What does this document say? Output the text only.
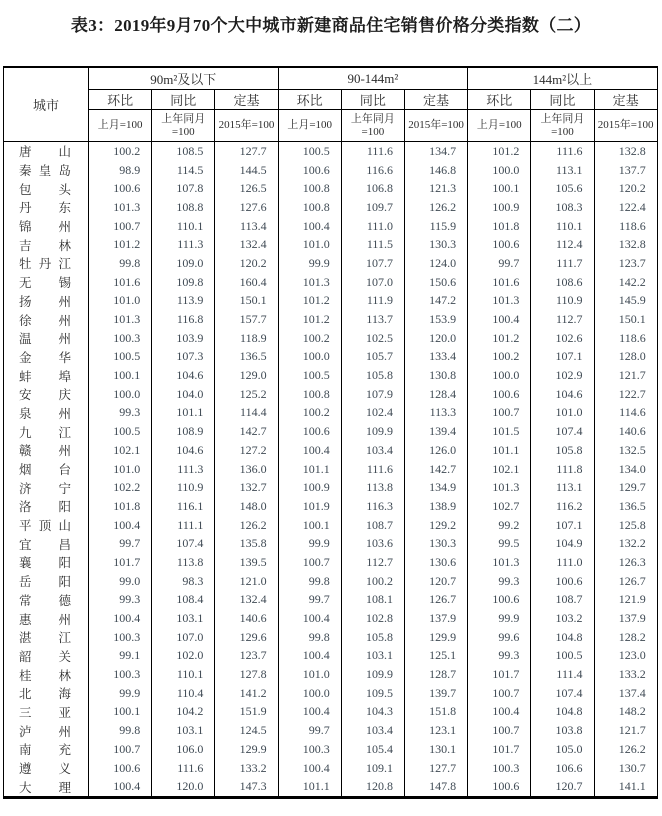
表3：2019年9月70个大中城市新建商品住宅销售价格分类指数（二）
城市	90m²及以下			90-144m²			144m²以上		
	环比	同比	定基	环比	同比	定基	环比	同比	定基

	上月=100	上年同月
=100	2015年=100	上月=100	上年同月
=100	2015年=100	上月=100	上年同月
=100	2015年=100

唐山	100.2	108.5	127.7	100.5	111.6	134.7	101.2	111.6	132.8

秦皇岛	98.9	114.5	144.5	100.6	116.6	146.8	100.0	113.1	137.7

包头	100.6	107.8	126.5	100.8	106.8	121.3	100.1	105.6	120.2

丹东	101.3	108.8	127.6	100.8	109.7	126.2	100.9	108.3	122.4

锦州	100.7	110.1	113.4	100.4	111.0	115.9	101.8	110.1	118.6

吉林	101.2	111.3	132.4	101.0	111.5	130.3	100.6	112.4	132.8

牡丹江	99.8	109.0	120.2	99.9	107.7	124.0	99.7	111.7	123.7

无锡	101.6	109.8	160.4	101.3	107.0	150.6	101.6	108.6	142.2

扬州	101.0	113.9	150.1	101.2	111.9	147.2	101.3	110.9	145.9

徐州	101.3	116.8	157.7	101.2	113.7	153.9	100.4	112.7	150.1

温州	100.3	103.9	118.9	100.2	102.5	120.0	101.2	102.6	118.6

金华	100.5	107.3	136.5	100.0	105.7	133.4	100.2	107.1	128.0

蚌埠	100.1	104.6	129.0	100.5	105.8	130.8	100.0	102.9	121.7

安庆	100.0	104.0	125.2	100.8	107.9	128.4	100.6	104.6	122.7

泉州	99.3	101.1	114.4	100.2	102.4	113.3	100.7	101.0	114.6

九江	100.5	108.9	142.7	100.6	109.9	139.4	101.5	107.4	140.6

赣州	102.1	104.6	127.2	100.4	103.4	126.0	101.1	105.8	132.5

烟台	101.0	111.3	136.0	101.1	111.6	142.7	102.1	111.8	134.0

济宁	102.2	110.9	132.7	100.9	113.8	134.9	101.3	113.1	129.7

洛阳	101.8	116.1	148.0	101.9	116.3	138.9	102.7	116.2	136.5

平顶山	100.4	111.1	126.2	100.1	108.7	129.2	99.2	107.1	125.8

宜昌	99.7	107.4	135.8	99.9	103.6	130.3	99.5	104.9	132.2

襄阳	101.7	113.8	139.5	100.7	112.7	130.6	101.3	111.0	126.3

岳阳	99.0	98.3	121.0	99.8	100.2	120.7	99.3	100.6	126.7

常德	99.3	108.4	132.4	99.7	108.1	126.7	100.6	108.7	121.9

惠州	100.4	103.1	140.6	100.4	102.8	137.9	99.9	103.2	137.9

湛江	100.3	107.0	129.6	99.8	105.8	129.9	99.6	104.8	128.2

韶关	99.1	102.0	123.7	100.4	103.1	125.1	99.3	100.5	123.0

桂林	100.3	110.1	127.8	101.0	109.9	128.7	101.7	111.4	133.2

北海	99.9	110.4	141.2	100.0	109.5	139.7	100.7	107.4	137.4

三亚	100.1	104.2	151.9	100.4	104.3	151.8	100.4	104.8	148.2

泸州	99.8	103.1	124.5	99.7	103.4	123.1	100.7	103.8	121.7

南充	100.7	106.0	129.9	100.3	105.4	130.1	101.7	105.0	126.2

遵义	100.6	111.6	133.2	100.4	109.1	127.7	100.3	106.6	130.7

大理	100.4	120.0	147.3	101.1	120.8	147.8	100.6	120.7	141.1
